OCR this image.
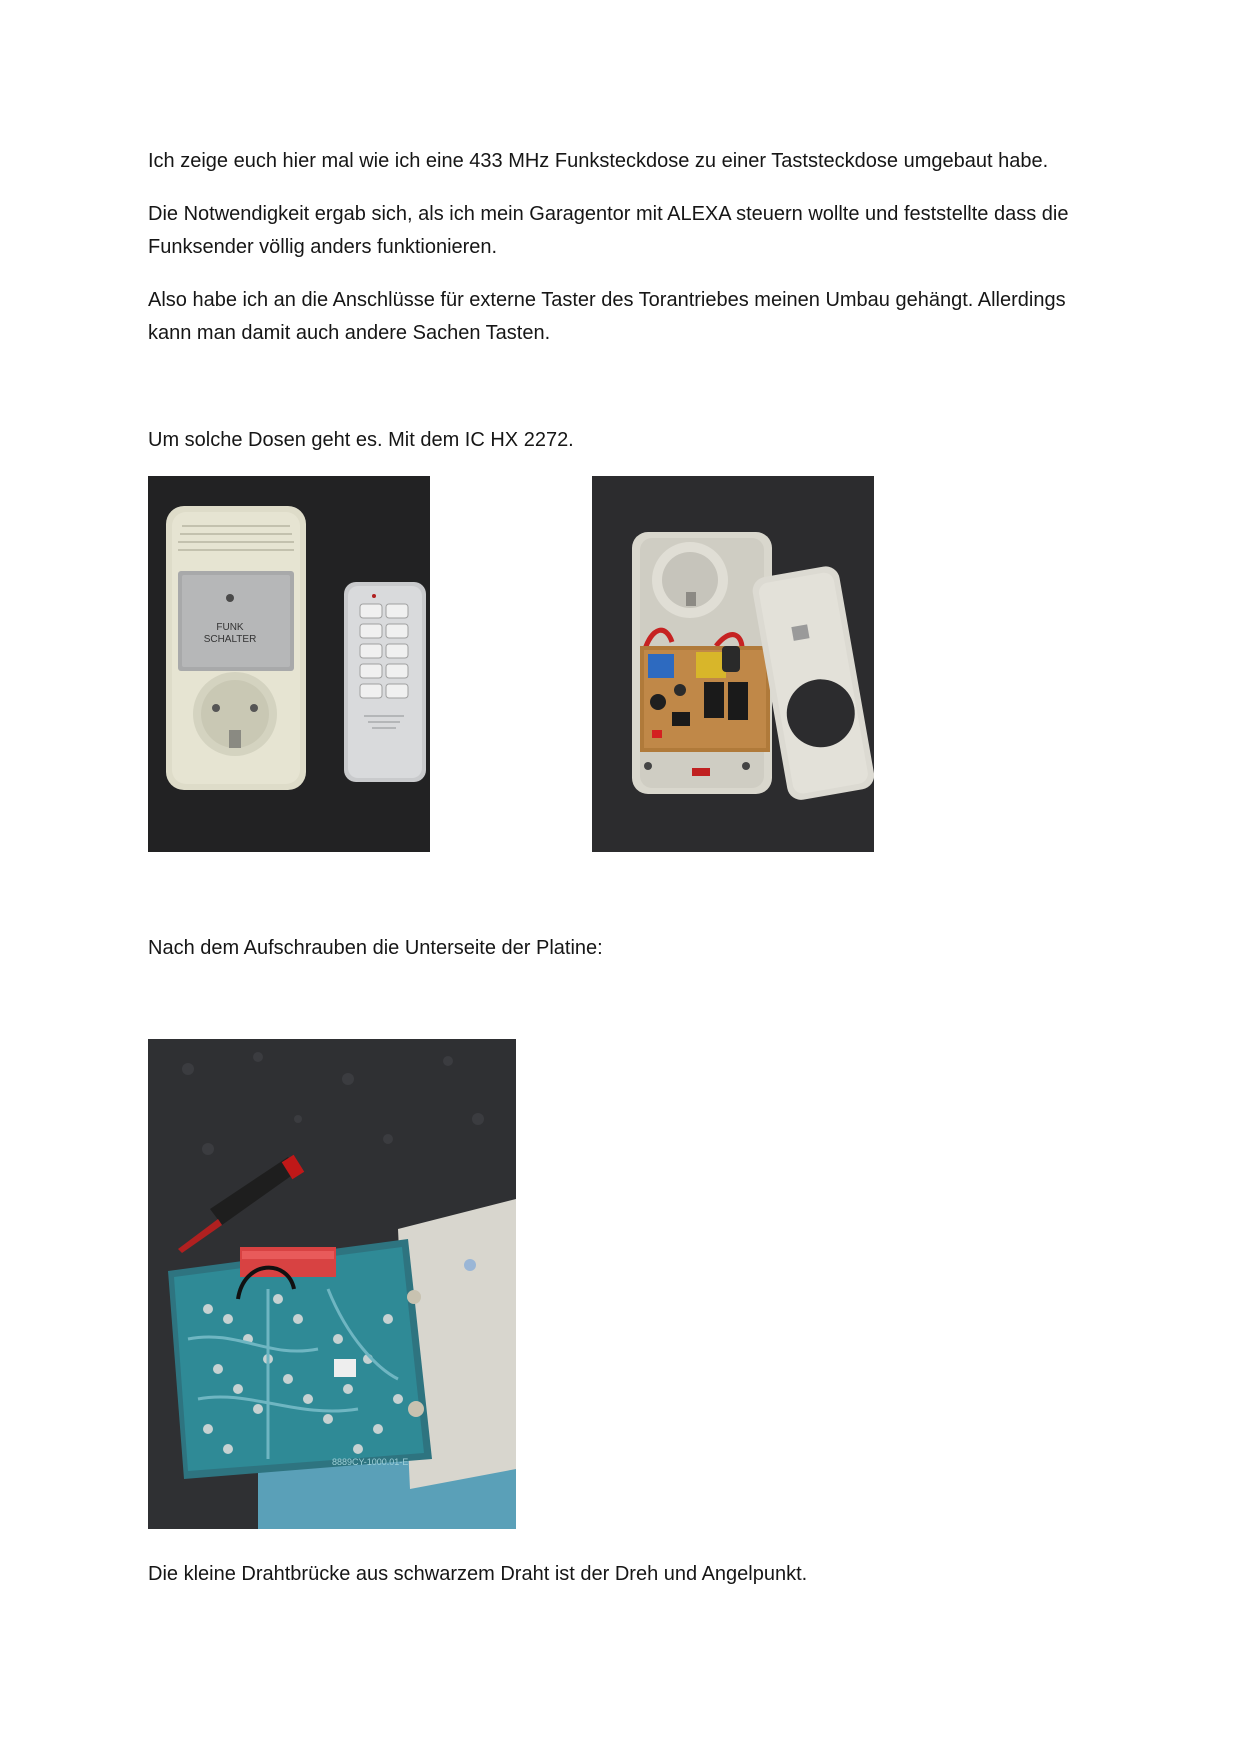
Ich zeige euch hier mal wie ich eine 433 MHz Funksteckdose zu einer Taststeckdose umgebaut habe.

Die Notwendigkeit ergab sich, als ich mein Garagentor mit ALEXA steuern wollte und feststellte dass die Funksender völlig anders funktionieren.

Also habe ich an die Anschlüsse für externe Taster des Torantriebes meinen Umbau gehängt. Allerdings kann man damit auch andere Sachen Tasten.

Um solche Dosen geht es. Mit dem IC HX 2272.

FUNK
SCHALTER

Nach dem Aufschrauben die Unterseite der Platine:

8889CY-1000.01-E

Die kleine Drahtbrücke aus schwarzem Draht ist der Dreh und Angelpunkt.
